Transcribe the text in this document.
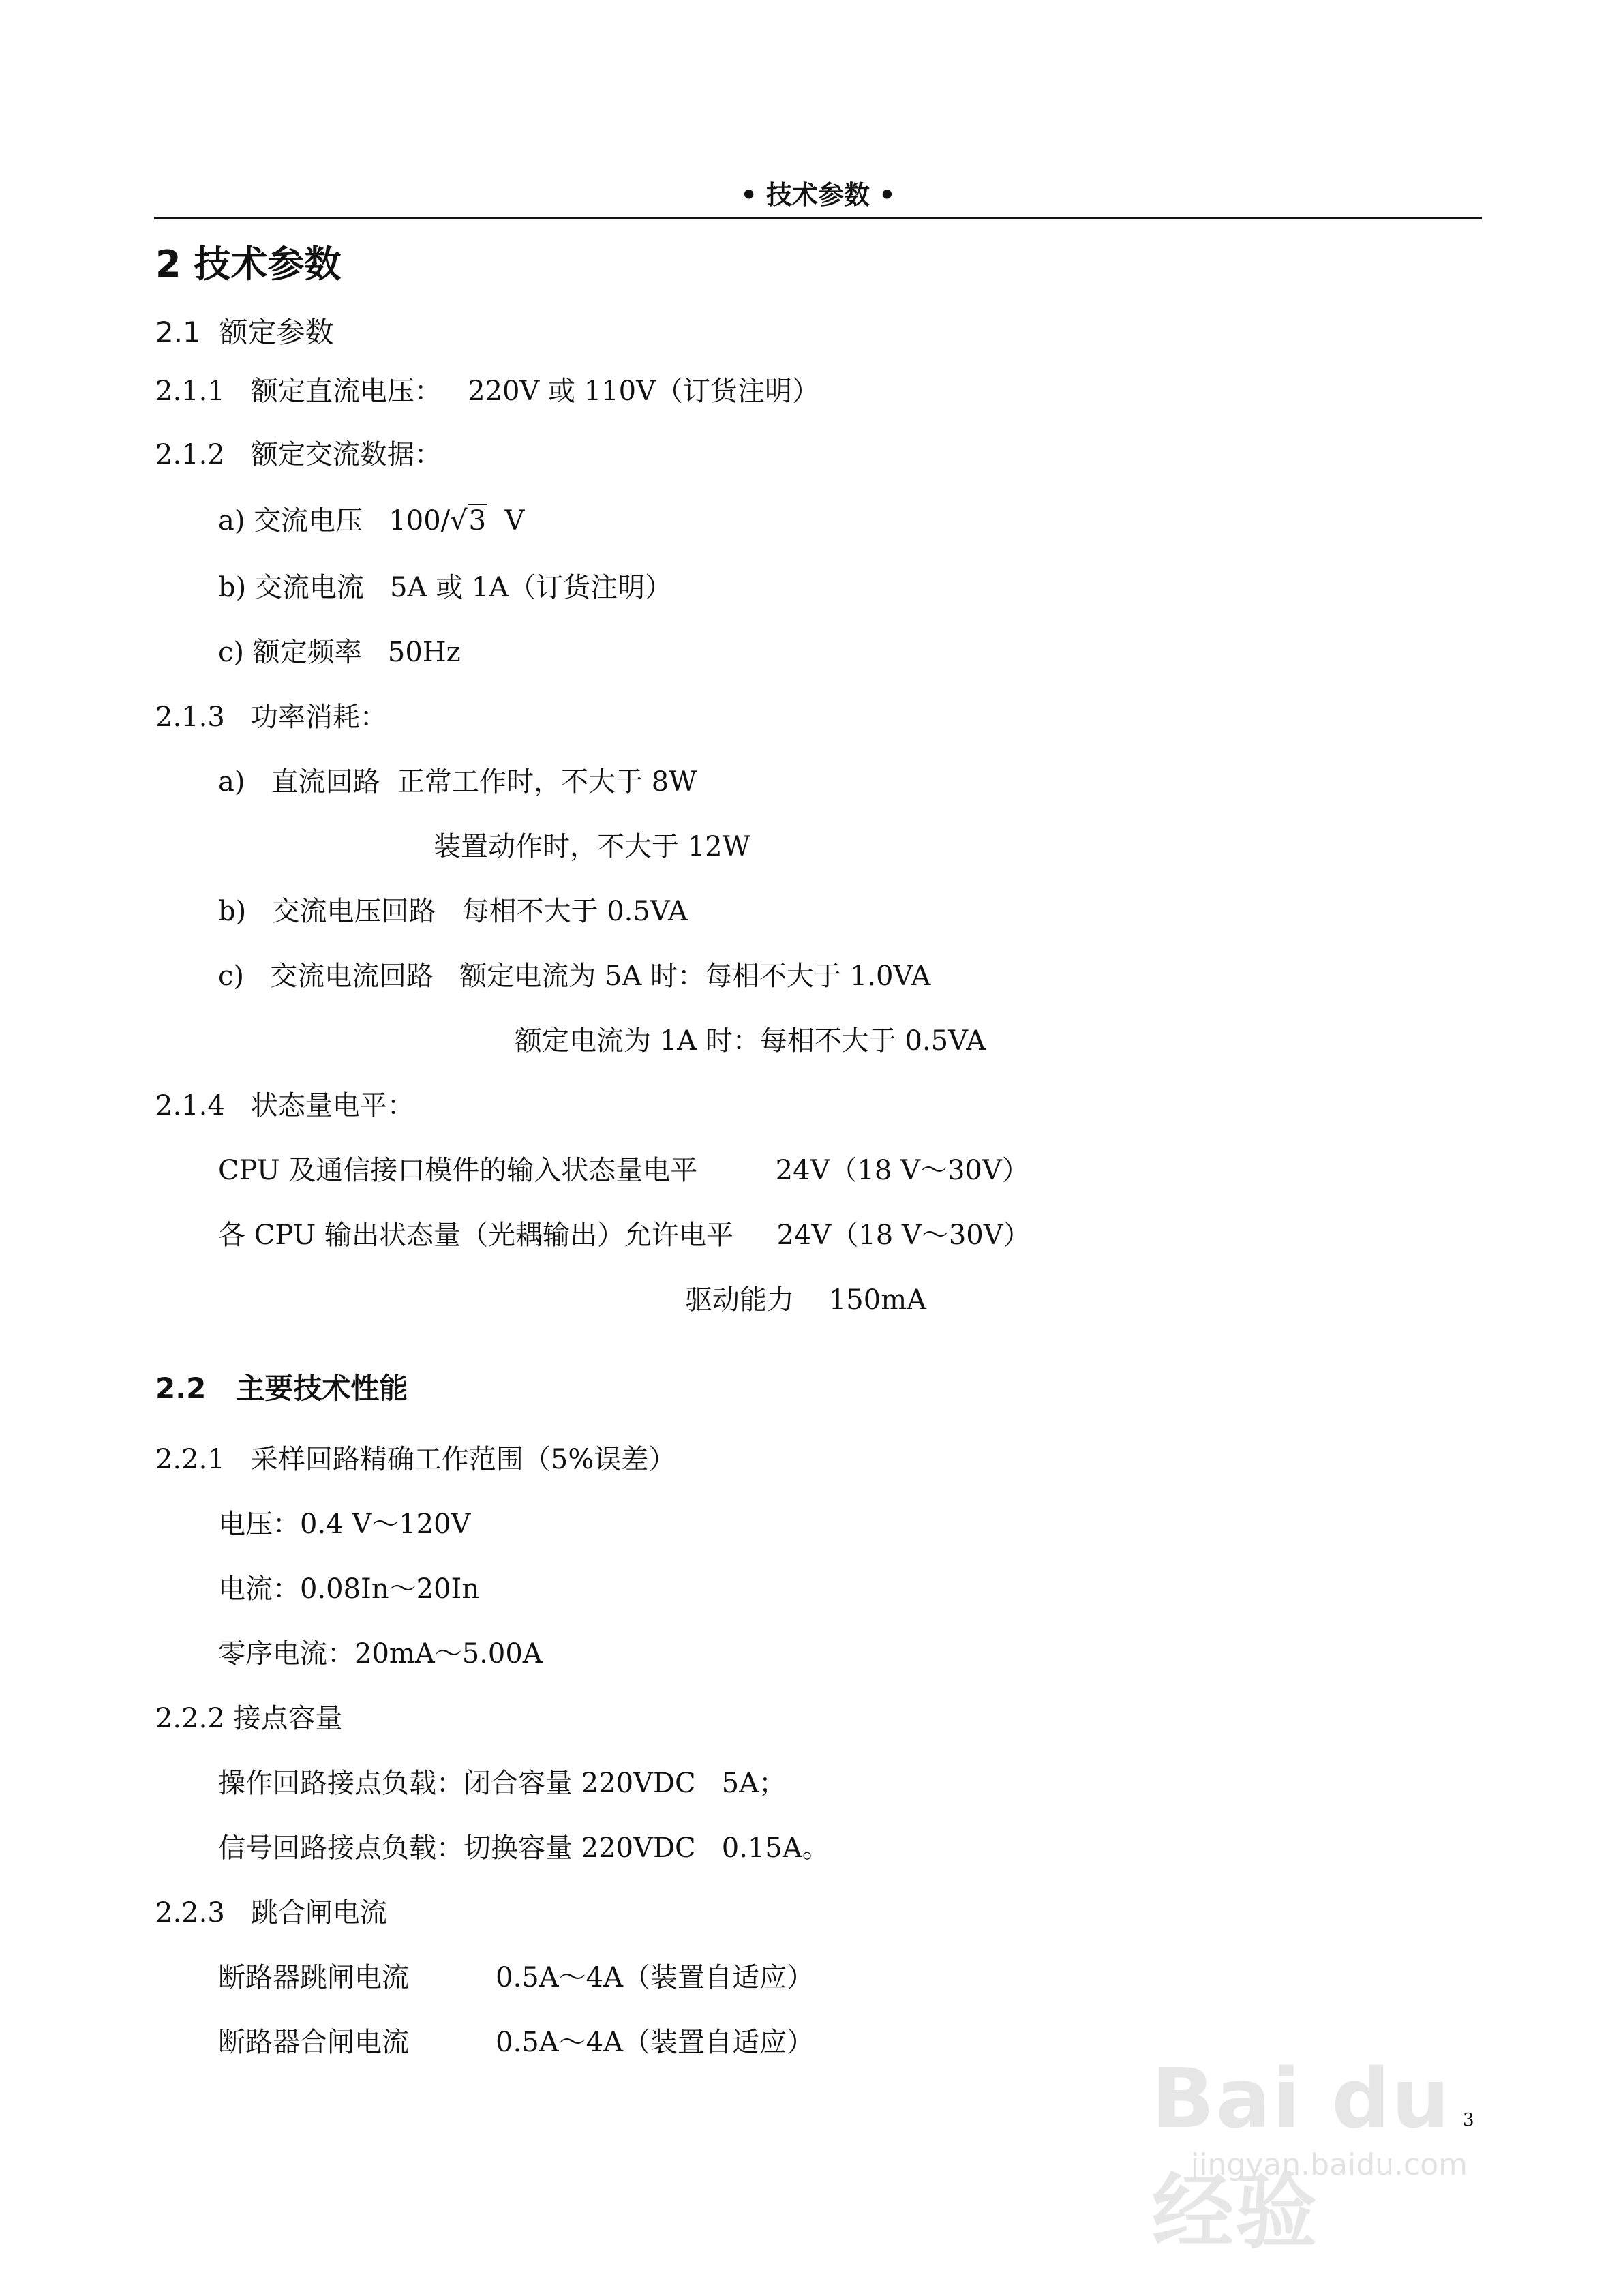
• 技术参数 •
2 技术参数
2.1  额定参数
2.1.1   额定直流电压：   220V 或 110V（订货注明）
2.1.2   额定交流数据：
a) 交流电压   100/√3  V
b) 交流电流   5A 或 1A（订货注明）
c) 额定频率   50Hz
2.1.3   功率消耗：
a)   直流回路  正常工作时，不大于 8W
装置动作时，不大于 12W
b)   交流电压回路   每相不大于 0.5VA
c)   交流电流回路   额定电流为 5A 时：每相不大于 1.0VA
额定电流为 1A 时：每相不大于 0.5VA
2.1.4   状态量电平：
CPU 及通信接口模件的输入状态量电平         24V（18 V～30V）
各 CPU 输出状态量（光耦输出）允许电平     24V（18 V～30V）
驱动能力    150mA
2.2   主要技术性能
2.2.1   采样回路精确工作范围（5%误差）
电压：0.4 V～120V
电流：0.08In～20In
零序电流：20mA～5.00A
2.2.2 接点容量
操作回路接点负载：闭合容量 220VDC   5A；
信号回路接点负载：切换容量 220VDC   0.15A。
2.2.3   跳合闸电流
断路器跳闸电流          0.5A～4A（装置自适应）
断路器合闸电流          0.5A～4A（装置自适应）
3
Bai du 经验
jingyan.baidu.com
